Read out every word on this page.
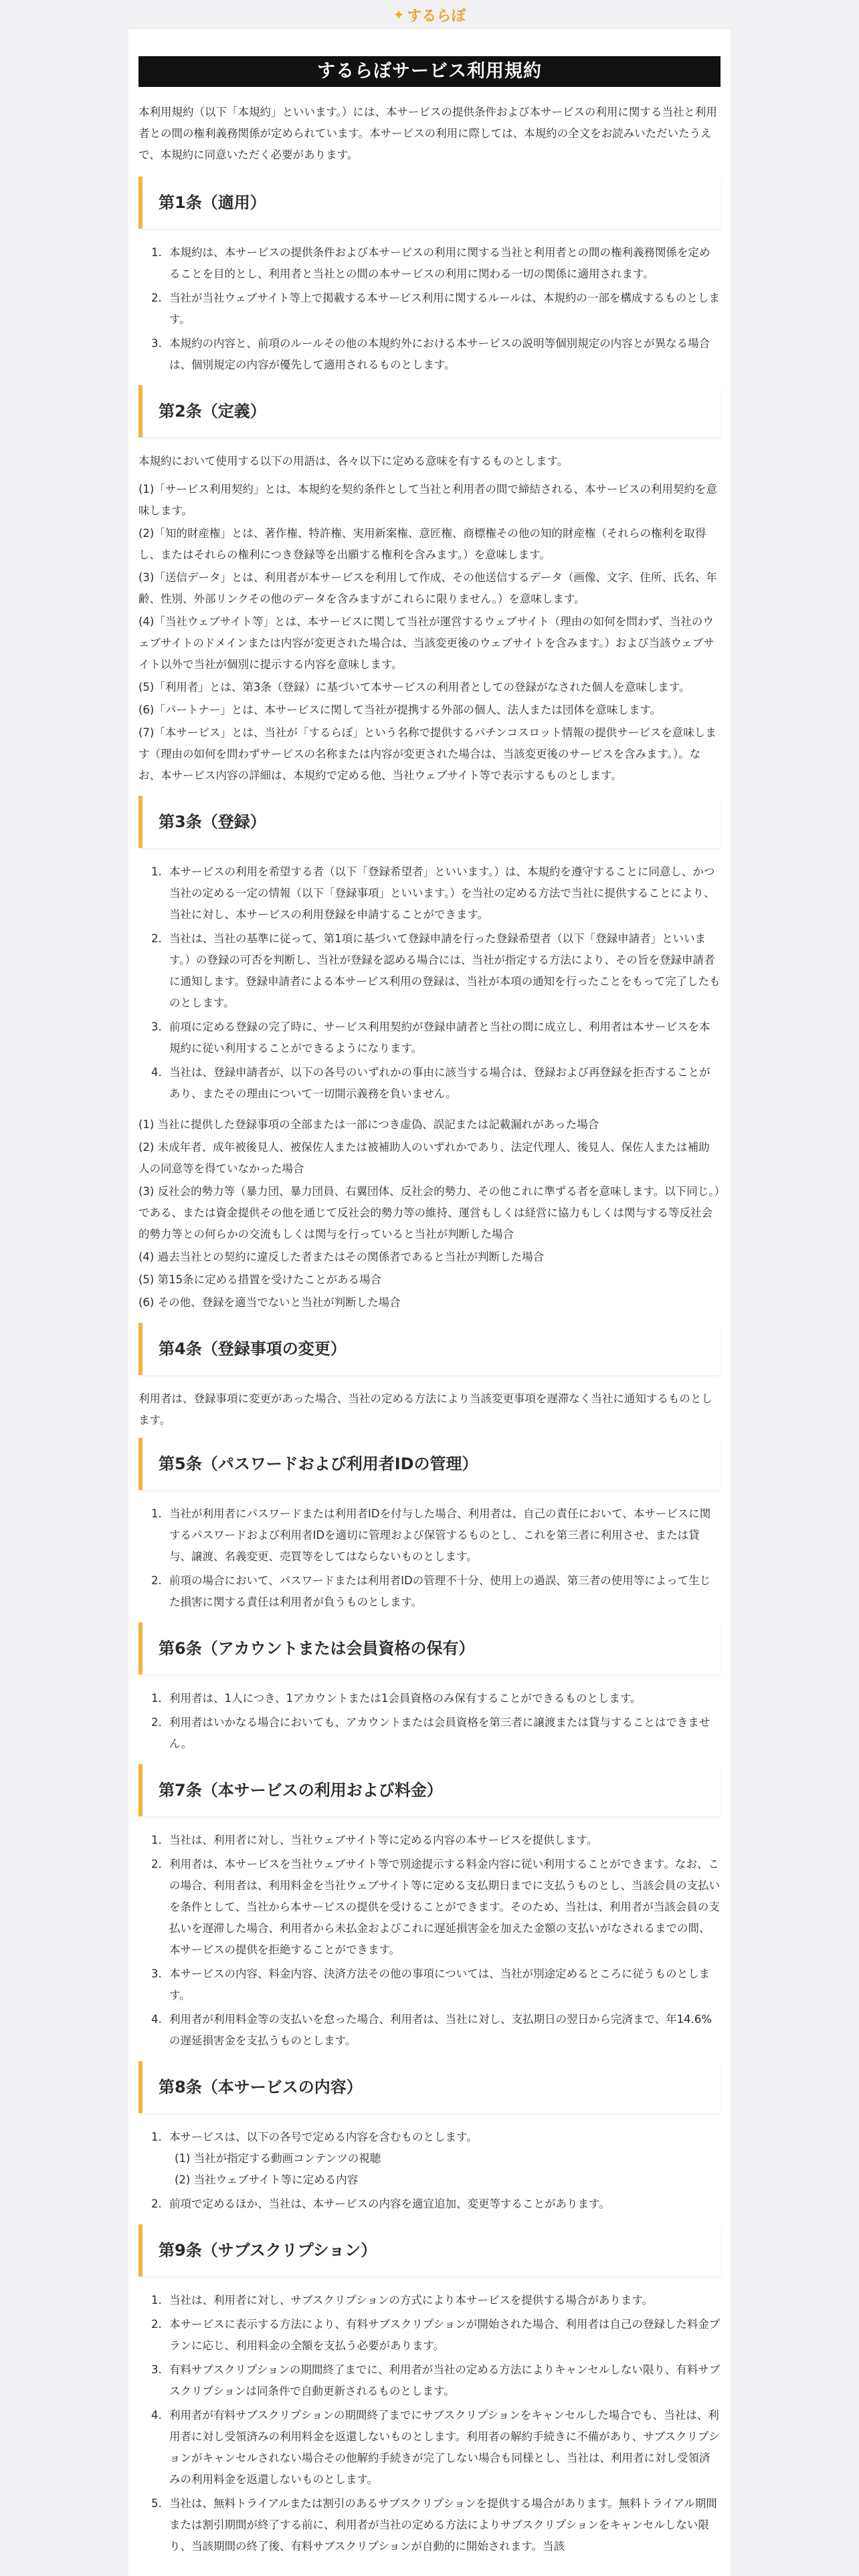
✦ するらぼ
するらぼサービス利用規約
本利用規約（以下「本規約」といいます。）には、本サービスの提供条件および本サービスの利用に関する当社と利用者との間の権利義務関係が定められています。本サービスの利用に際しては、本規約の全文をお読みいただいたうえで、本規約に同意いただく必要があります。
第1条（適用）
1. 本規約は、本サービスの提供条件および本サービスの利用に関する当社と利用者との間の権利義務関係を定めることを目的とし、利用者と当社との間の本サービスの利用に関わる一切の関係に適用されます。
2. 当社が当社ウェブサイト等上で掲載する本サービス利用に関するルールは、本規約の一部を構成するものとします。
3. 本規約の内容と、前項のルールその他の本規約外における本サービスの説明等個別規定の内容とが異なる場合は、個別規定の内容が優先して適用されるものとします。
第2条（定義）
本規約において使用する以下の用語は、各々以下に定める意味を有するものとします。
(1)「サービス利用契約」とは、本規約を契約条件として当社と利用者の間で締結される、本サービスの利用契約を意味します。
(2)「知的財産権」とは、著作権、特許権、実用新案権、意匠権、商標権その他の知的財産権（それらの権利を取得し、またはそれらの権利につき登録等を出願する権利を含みます。）を意味します。
(3)「送信データ」とは、利用者が本サービスを利用して作成、その他送信するデータ（画像、文字、住所、氏名、年齢、性別、外部リンクその他のデータを含みますがこれらに限りません。）を意味します。
(4)「当社ウェブサイト等」とは、本サービスに関して当社が運営するウェブサイト（理由の如何を問わず、当社のウェブサイトのドメインまたは内容が変更された場合は、当該変更後のウェブサイトを含みます。）および当該ウェブサイト以外で当社が個別に提示する内容を意味します。
(5)「利用者」とは、第3条（登録）に基づいて本サービスの利用者としての登録がなされた個人を意味します。
(6)「パートナー」とは、本サービスに関して当社が提携する外部の個人、法人または団体を意味します。
(7)「本サービス」とは、当社が「するらぼ」という名称で提供するパチンコスロット情報の提供サービスを意味します（理由の如何を問わずサービスの名称または内容が変更された場合は、当該変更後のサービスを含みます。）。なお、本サービス内容の詳細は、本規約で定める他、当社ウェブサイト等で表示するものとします。
第3条（登録）
1. 本サービスの利用を希望する者（以下「登録希望者」といいます。）は、本規約を遵守することに同意し、かつ当社の定める一定の情報（以下「登録事項」といいます。）を当社の定める方法で当社に提供することにより、当社に対し、本サービスの利用登録を申請することができます。
2. 当社は、当社の基準に従って、第1項に基づいて登録申請を行った登録希望者（以下「登録申請者」といいます。）の登録の可否を判断し、当社が登録を認める場合には、当社が指定する方法により、その旨を登録申請者に通知します。登録申請者による本サービス利用の登録は、当社が本項の通知を行ったことをもって完了したものとします。
3. 前項に定める登録の完了時に、サービス利用契約が登録申請者と当社の間に成立し、利用者は本サービスを本規約に従い利用することができるようになります。
4. 当社は、登録申請者が、以下の各号のいずれかの事由に該当する場合は、登録および再登録を拒否することがあり、またその理由について一切開示義務を負いません。
(1) 当社に提供した登録事項の全部または一部につき虚偽、誤記または記載漏れがあった場合
(2) 未成年者、成年被後見人、被保佐人または被補助人のいずれかであり、法定代理人、後見人、保佐人または補助人の同意等を得ていなかった場合
(3) 反社会的勢力等（暴力団、暴力団員、右翼団体、反社会的勢力、その他これに準ずる者を意味します。以下同じ。）である、または資金提供その他を通じて反社会的勢力等の維持、運営もしくは経営に協力もしくは関与する等反社会的勢力等との何らかの交流もしくは関与を行っていると当社が判断した場合
(4) 過去当社との契約に違反した者またはその関係者であると当社が判断した場合
(5) 第15条に定める措置を受けたことがある場合
(6) その他、登録を適当でないと当社が判断した場合
第4条（登録事項の変更）
利用者は、登録事項に変更があった場合、当社の定める方法により当該変更事項を遅滞なく当社に通知するものとします。
第5条（パスワードおよび利用者IDの管理）
1. 当社が利用者にパスワードまたは利用者IDを付与した場合、利用者は、自己の責任において、本サービスに関するパスワードおよび利用者IDを適切に管理および保管するものとし、これを第三者に利用させ、または貸与、譲渡、名義変更、売買等をしてはならないものとします。
2. 前項の場合において、パスワードまたは利用者IDの管理不十分、使用上の過誤、第三者の使用等によって生じた損害に関する責任は利用者が負うものとします。
第6条（アカウントまたは会員資格の保有）
1. 利用者は、1人につき、1アカウントまたは1会員資格のみ保有することができるものとします。
2. 利用者はいかなる場合においても、アカウントまたは会員資格を第三者に譲渡または貸与することはできません。
第7条（本サービスの利用および料金）
1. 当社は、利用者に対し、当社ウェブサイト等に定める内容の本サービスを提供します。
2. 利用者は、本サービスを当社ウェブサイト等で別途提示する料金内容に従い利用することができます。なお、この場合、利用者は、利用料金を当社ウェブサイト等に定める支払期日までに支払うものとし、当該会員の支払いを条件として、当社から本サービスの提供を受けることができます。そのため、当社は、利用者が当該会員の支払いを遅滞した場合、利用者から未払金およびこれに遅延損害金を加えた金額の支払いがなされるまでの間、本サービスの提供を拒絶することができます。
3. 本サービスの内容、料金内容、決済方法その他の事項については、当社が別途定めるところに従うものとします。
4. 利用者が利用料金等の支払いを怠った場合、利用者は、当社に対し、支払期日の翌日から完済まで、年14.6%の遅延損害金を支払うものとします。
第8条（本サービスの内容）
1. 本サービスは、以下の各号で定める内容を含むものとします。
(1) 当社が指定する動画コンテンツの視聴
(2) 当社ウェブサイト等に定める内容
2. 前項で定めるほか、当社は、本サービスの内容を適宜追加、変更等することがあります。
第9条（サブスクリプション）
1. 当社は、利用者に対し、サブスクリプションの方式により本サービスを提供する場合があります。
2. 本サービスに表示する方法により、有料サブスクリプションが開始された場合、利用者は自己の登録した料金プランに応じ、利用料金の全額を支払う必要があります。
3. 有料サブスクリプションの期間終了までに、利用者が当社の定める方法によりキャンセルしない限り、有料サブスクリプションは同条件で自動更新されるものとします。
4. 利用者が有料サブスクリプションの期間終了までにサブスクリプションをキャンセルした場合でも、当社は、利用者に対し受領済みの利用料金を返還しないものとします。利用者の解約手続きに不備があり、サブスクリプションがキャンセルされない場合その他解約手続きが完了しない場合も同様とし、当社は、利用者に対し受領済みの利用料金を返還しないものとします。
5. 当社は、無料トライアルまたは割引のあるサブスクリプションを提供する場合があります。無料トライアル期間または割引期間が終了する前に、利用者が当社の定める方法によりサブスクリプションをキャンセルしない限り、当該期間の終了後、有料サブスクリプションが自動的に開始されます。当該
